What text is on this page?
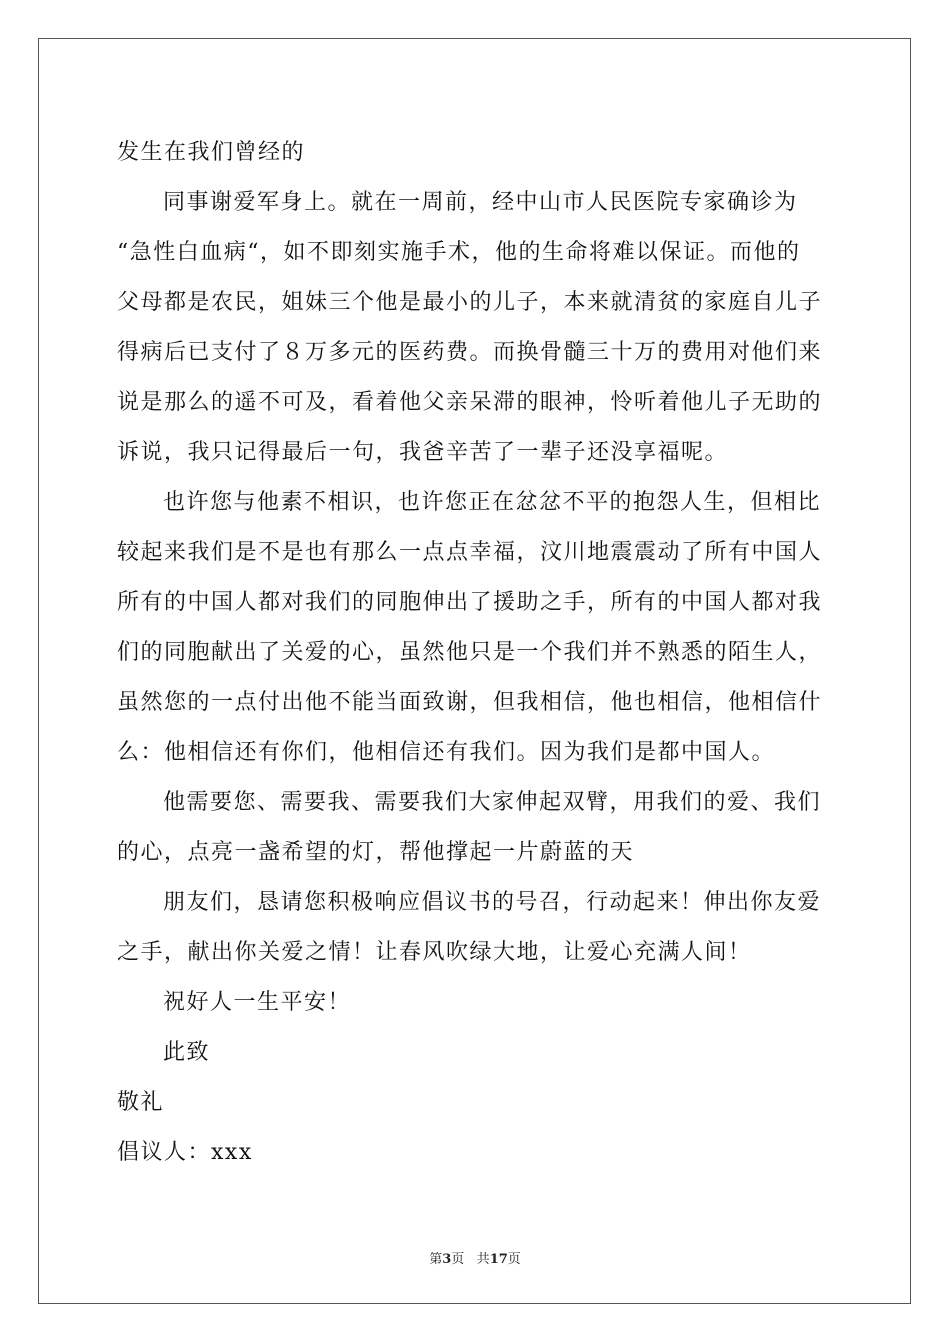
发生在我们曾经的
同事谢爱军身上。就在一周前，经中山市人民医院专家确诊为
“急性白血病“，如不即刻实施手术，他的生命将难以保证。而他的
父母都是农民，姐妹三个他是最小的儿子，本来就清贫的家庭自儿子
得病后已支付了８万多元的医药费。而换骨髓三十万的费用对他们来
说是那么的遥不可及，看着他父亲呆滞的眼神，怜听着他儿子无助的
诉说，我只记得最后一句，我爸辛苦了一辈子还没享福呢。
也许您与他素不相识，也许您正在忿忿不平的抱怨人生，但相比
较起来我们是不是也有那么一点点幸福，汶川地震震动了所有中国人
所有的中国人都对我们的同胞伸出了援助之手，所有的中国人都对我
们的同胞献出了关爱的心，虽然他只是一个我们并不熟悉的陌生人，
虽然您的一点付出他不能当面致谢，但我相信，他也相信，他相信什
么：他相信还有你们，他相信还有我们。因为我们是都中国人。
他需要您、需要我、需要我们大家伸起双臂，用我们的爱、我们
的心，点亮一盏希望的灯，帮他撑起一片蔚蓝的天
朋友们，恳请您积极响应倡议书的号召，行动起来！伸出你友爱
之手，献出你关爱之情！让春风吹绿大地，让爱心充满人间！
祝好人一生平安！
此致
敬礼
倡议人：xxx
第3页 共17页
